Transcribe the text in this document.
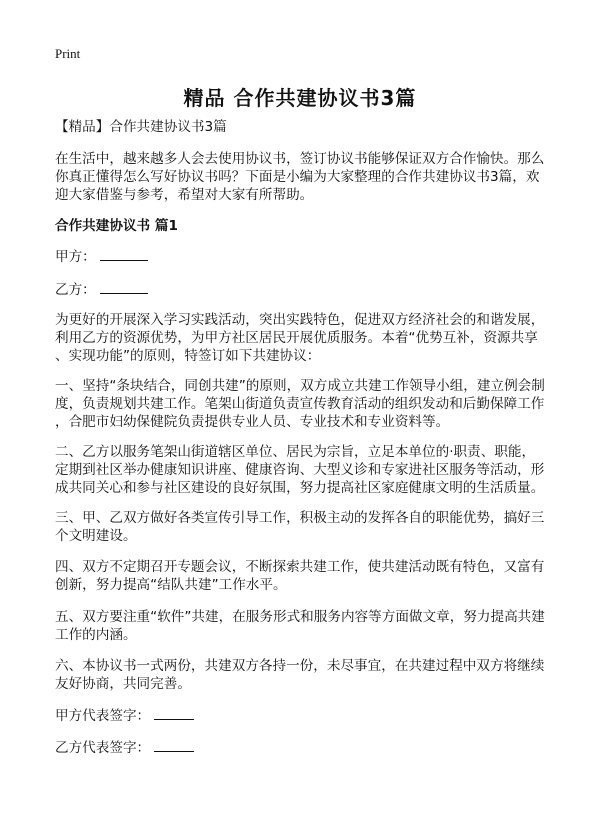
Print
精品 合作共建协议书3篇
【精品】合作共建协议书3篇
在生活中，越来越多人会去使用协议书，签订协议书能够保证双方合作愉快。那么
你真正懂得怎么写好协议书吗？下面是小编为大家整理的合作共建协议书3篇，欢
迎大家借鉴与参考，希望对大家有所帮助。
合作共建协议书 篇1
甲方：
乙方：
为更好的开展深入学习实践活动，突出实践特色，促进双方经济社会的和谐发展，
利用乙方的资源优势，为甲方社区居民开展优质服务。本着“优势互补，资源共享
、实现功能”的原则，特签订如下共建协议：
一、坚持“条块结合，同创共建”的原则，双方成立共建工作领导小组，建立例会制
度，负责规划共建工作。笔架山街道负责宣传教育活动的组织发动和后勤保障工作
，合肥市妇幼保健院负责提供专业人员、专业技术和专业资料等。
二、乙方以服务笔架山街道辖区单位、居民为宗旨，立足本单位的·职责、职能，
定期到社区举办健康知识讲座、健康咨询、大型义诊和专家进社区服务等活动，形
成共同关心和参与社区建设的良好氛围，努力提高社区家庭健康文明的生活质量。
三、甲、乙双方做好各类宣传引导工作，积极主动的发挥各自的职能优势，搞好三
个文明建设。
四、双方不定期召开专题会议，不断探索共建工作，使共建活动既有特色，又富有
创新，努力提高“结队共建”工作水平。
五、双方要注重“软件”共建，在服务形式和服务内容等方面做文章，努力提高共建
工作的内涵。
六、本协议书一式两份，共建双方各持一份，未尽事宜，在共建过程中双方将继续
友好协商，共同完善。
甲方代表签字：
乙方代表签字：
